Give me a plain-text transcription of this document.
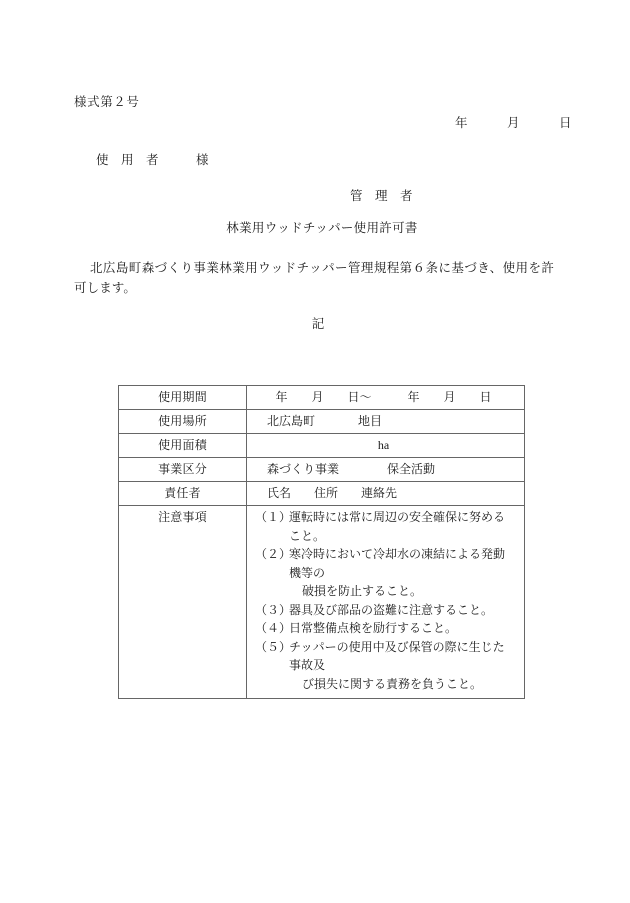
様式第２号
年　　　月　　　日
使　用　者　　　様
管　理　者
林業用ウッドチッパー使用許可書
北広島町森づくり事業林業用ウッドチッパー管理規程第６条に基づき、使用を許可します。
記
使用期間	年　　月　　日〜　　　年　　月　　日

使用場所	北広島町 地目
使用面積	ha

事業区分	森づくり事業　　　　保全活動
責任者	氏名 住所 連絡先
注意事項	（１）運転時には常に周辺の安全確保に努めること。
（２）寒冷時において冷却水の凍結による発動機等の
破損を防止すること。
（３）器具及び部品の盗難に注意すること。
（４）日常整備点検を励行すること。
（５）チッパーの使用中及び保管の際に生じた事故及
び損失に関する責務を負うこと。
